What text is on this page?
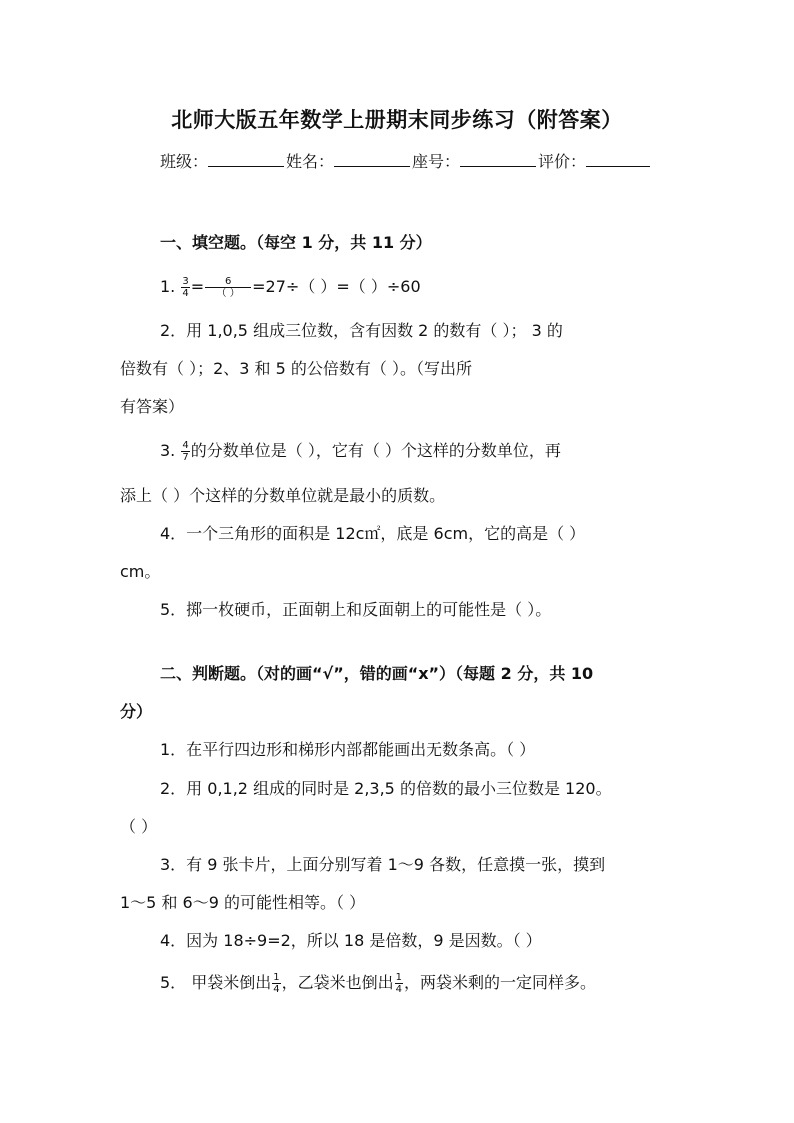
北师大版五年数学上册期末同步练习（附答案）
班级：	姓名：	座号：	评价：
一、填空题。（每空 1 分，共 11 分）
1. $\frac{3}{4} = \frac{6}{( )} =27\div$（ ）=（ ）÷60
2．用 1,0,5 组成三位数，含有因数 2 的数有（ ）； 3 的
倍数有（ ）；2、3 和 5 的公倍数有（ ）。（写出所
有答案）
3. $\frac{4}{7}$ 的分数单位是（ ），它有（ ）个这样的分数单位，再
添上（ ）个这样的分数单位就是最小的质数。
4．一个三角形的面积是 12c㎡，底是 6cm，它的高是（ ）
cm。
5．掷一枚硬币，正面朝上和反面朝上的可能性是（ ）。
二、判断题。（对的画“√”，错的画“x”）（每题 2 分，共 10
分）
1．在平行四边形和梯形内部都能画出无数条高。（ ）
2．用 0,1,2 组成的同时是 2,3,5 的倍数的最小三位数是 120。
（ ）
3．有 9 张卡片，上面分别写着 1～9 各数，任意摸一张，摸到
1～5 和 6～9 的可能性相等。（ ）
4．因为 18÷9=2，所以 18 是倍数，9 是因数。（ ）
5． 甲袋米倒出 $\frac{1}{4}$ ，乙袋米也倒出 $\frac{1}{4}$ ，两袋米剩的一定同样多。
